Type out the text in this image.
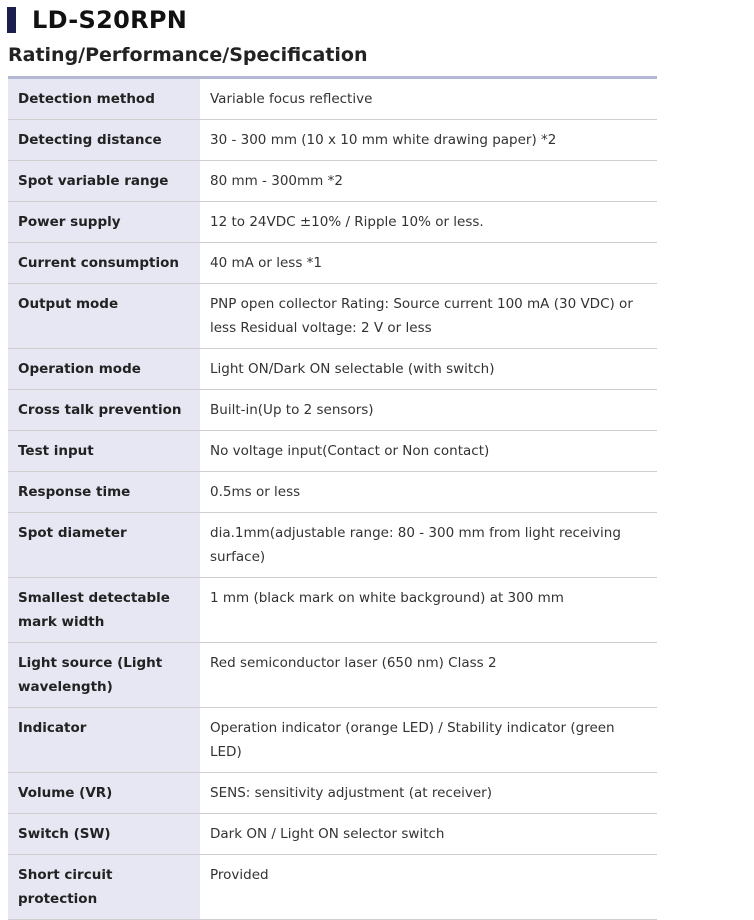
LD-S20RPN
Rating/Performance/Specification
Detection method	Variable focus reflective
Detecting distance	30 - 300 mm (10 x 10 mm white drawing paper) *2
Spot variable range	80 mm - 300mm *2
Power supply	12 to 24VDC ±10% / Ripple 10% or less.
Current consumption	40 mA or less *1
Output mode	PNP open collector Rating: Source current 100 mA (30 VDC) or less Residual voltage: 2 V or less
Operation mode	Light ON/Dark ON selectable (with switch)
Cross talk prevention	Built-in(Up to 2 sensors)
Test input	No voltage input(Contact or Non contact)
Response time	0.5ms or less
Spot diameter	dia.1mm(adjustable range: 80 - 300 mm from light receiving surface)
Smallest detectable mark width	1 mm (black mark on white background) at 300 mm
Light source (Light wavelength)	Red semiconductor laser (650 nm) Class 2
Indicator	Operation indicator (orange LED) / Stability indicator (green LED)
Volume (VR)	SENS: sensitivity adjustment (at receiver)
Switch (SW)	Dark ON / Light ON selector switch
Short circuit protection	Provided
